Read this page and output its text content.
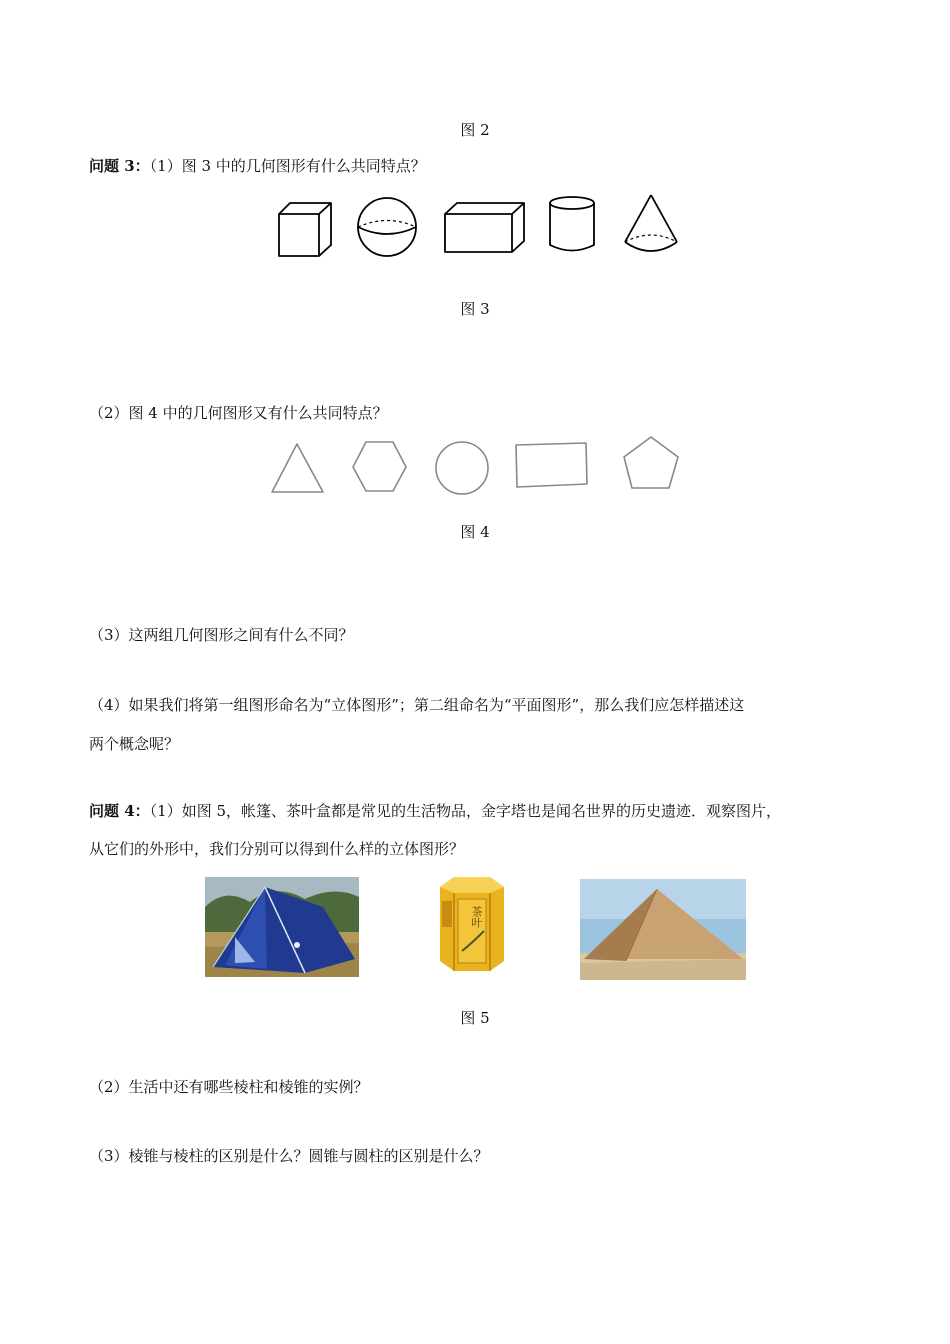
图 2
问题 3：（1）图 3 中的几何图形有什么共同特点？
图 3
（2）图 4 中的几何图形又有什么共同特点？
图 4
（3）这两组几何图形之间有什么不同？
（4）如果我们将第一组图形命名为“立体图形”；第二组命名为“平面图形”，那么我们应怎样描述这
两个概念呢？
问题 4：（1）如图 5，帐篷、茶叶盒都是常见的生活物品，金字塔也是闻名世界的历史遗迹．观察图片，
从它们的外形中，我们分别可以得到什么样的立体图形？
茶叶
图 5
（2）生活中还有哪些棱柱和棱锥的实例？
（3）棱锥与棱柱的区别是什么？圆锥与圆柱的区别是什么？
